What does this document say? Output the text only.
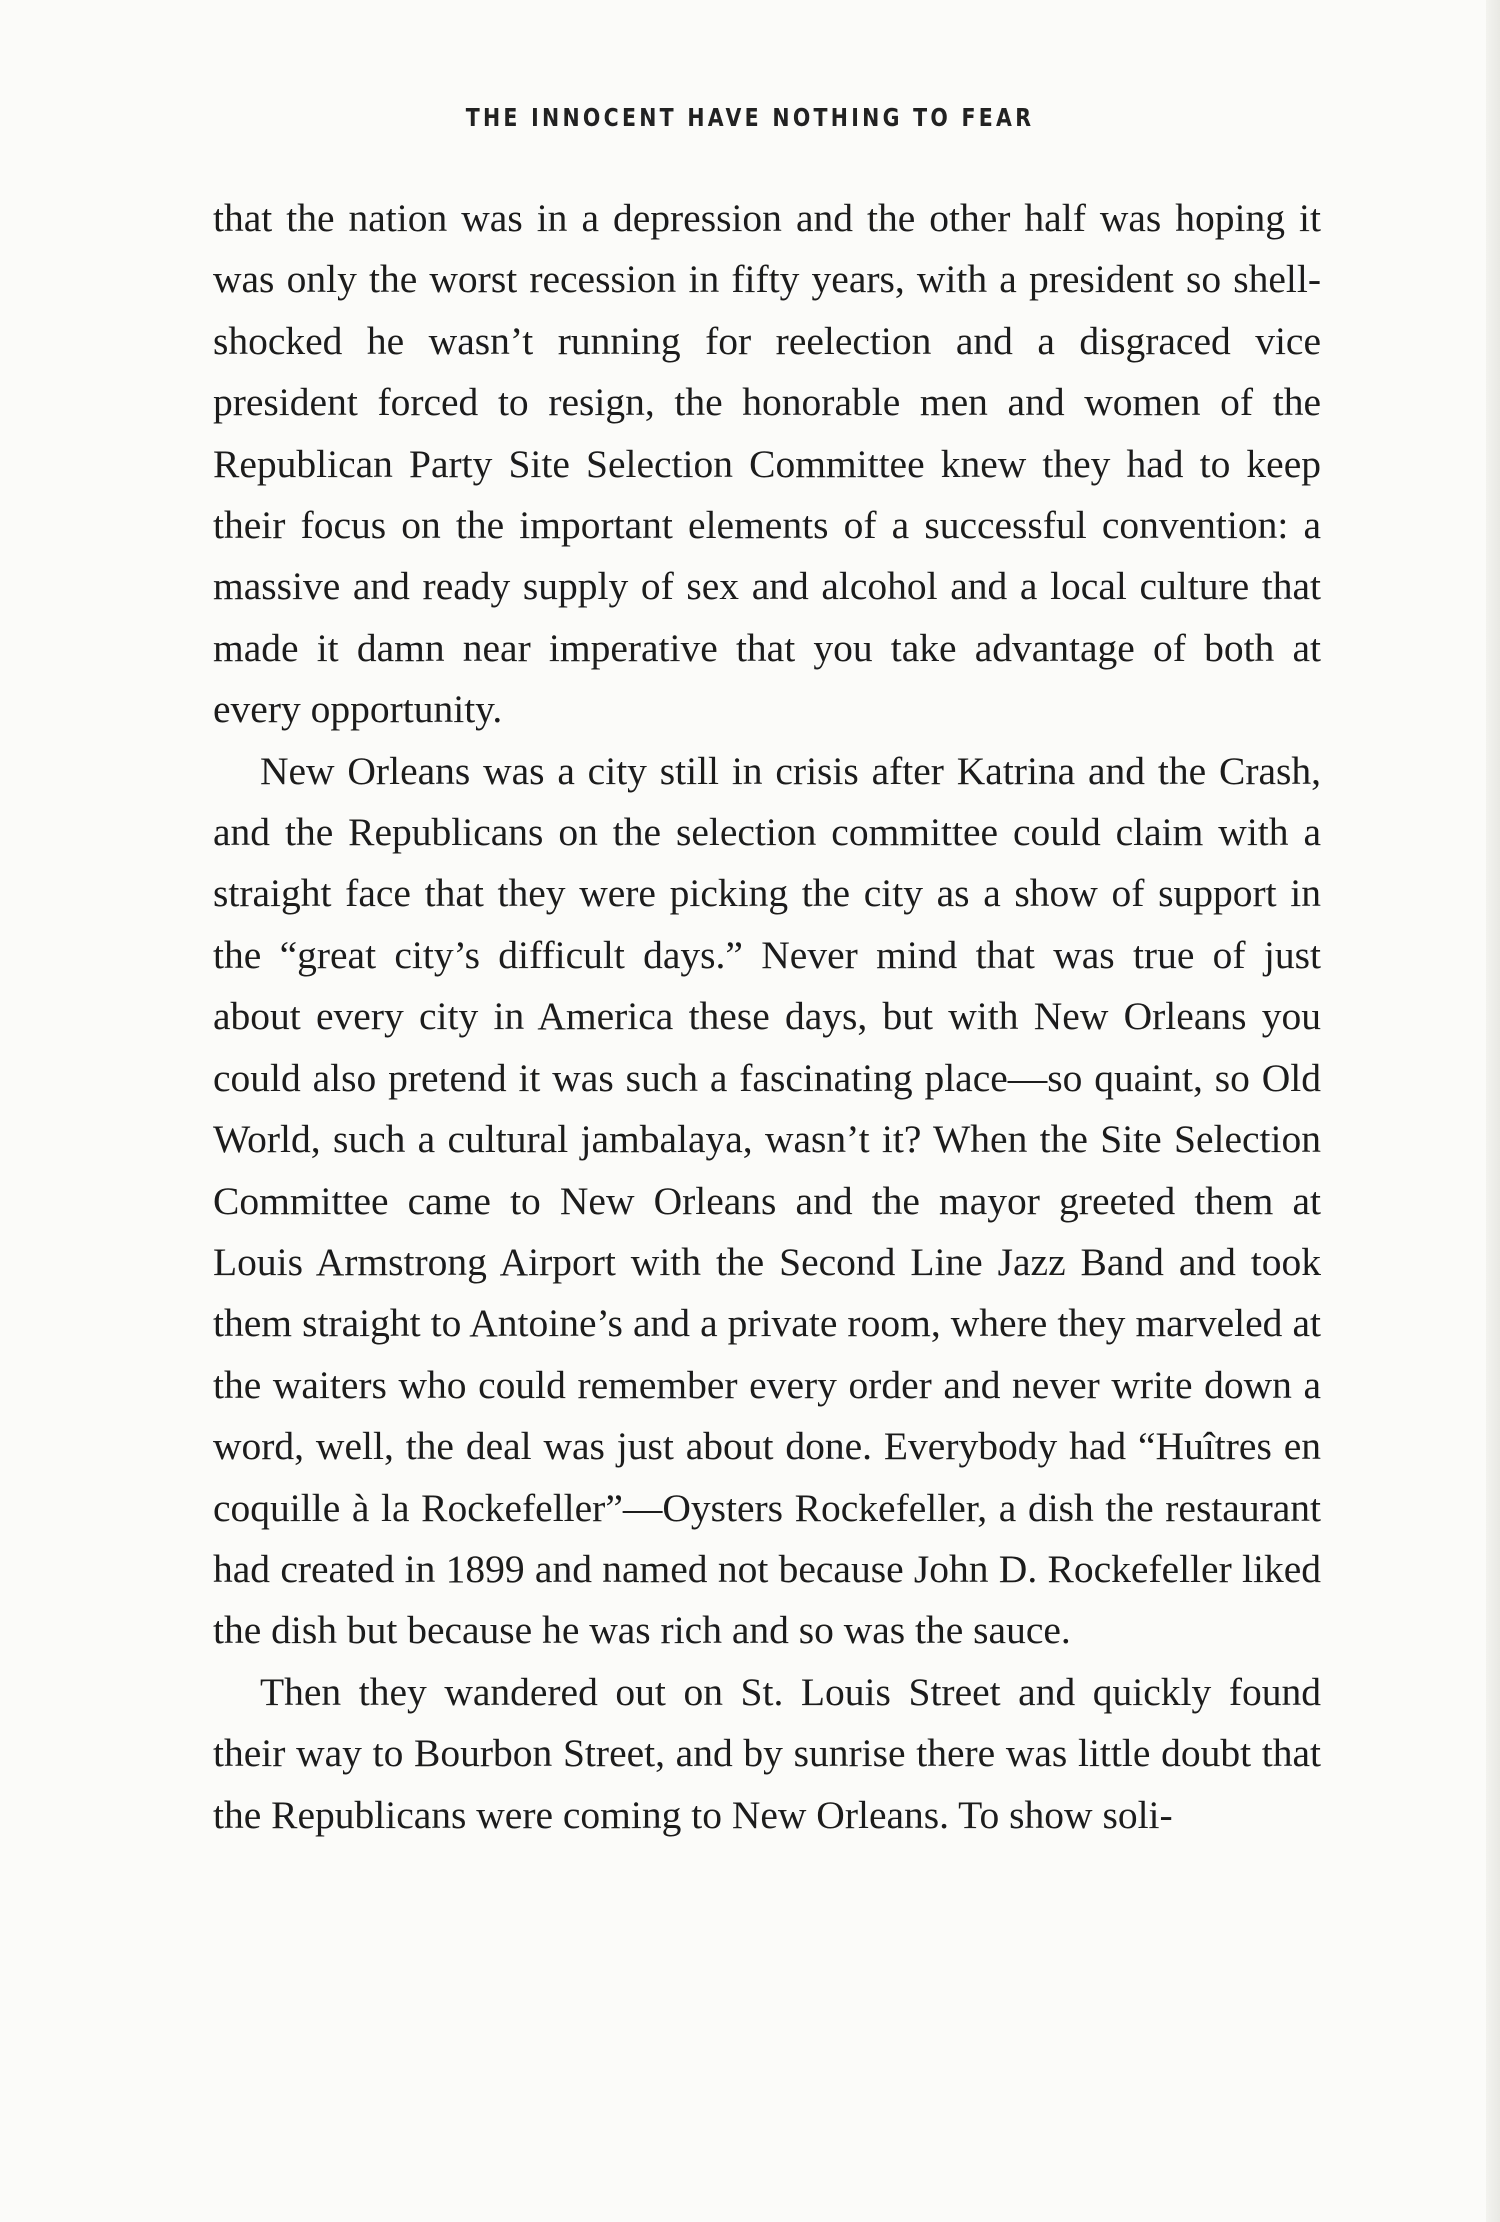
THE INNOCENT HAVE NOTHING TO FEAR

that the nation was in a depression and the other half was hoping it was only the worst recession in fifty years, with a president so shell-shocked he wasn’t running for reelection and a disgraced vice president forced to resign, the honorable men and women of the Republican Party Site Selection Committee knew they had to keep their focus on the important elements of a successful convention: a massive and ready supply of sex and alcohol and a local culture that made it damn near imperative that you take advantage of both at every opportunity.

New Orleans was a city still in crisis after Katrina and the Crash, and the Republicans on the selection committee could claim with a straight face that they were picking the city as a show of support in the “great city’s difficult days.” Never mind that was true of just about every city in America these days, but with New Orleans you could also pretend it was such a fascinating place—so quaint, so Old World, such a cultural jambalaya, wasn’t it? When the Site Selection Committee came to New Orleans and the mayor greeted them at Louis Armstrong Airport with the Second Line Jazz Band and took them straight to Antoine’s and a private room, where they marveled at the waiters who could remember every order and never write down a word, well, the deal was just about done. Everybody had “Huîtres en coquille à la Rockefeller”—Oysters Rockefeller, a dish the restaurant had created in 1899 and named not because John D. Rockefeller liked the dish but because he was rich and so was the sauce.

Then they wandered out on St. Louis Street and quickly found their way to Bourbon Street, and by sunrise there was little doubt that the Republicans were coming to New Orleans. To show soli-
